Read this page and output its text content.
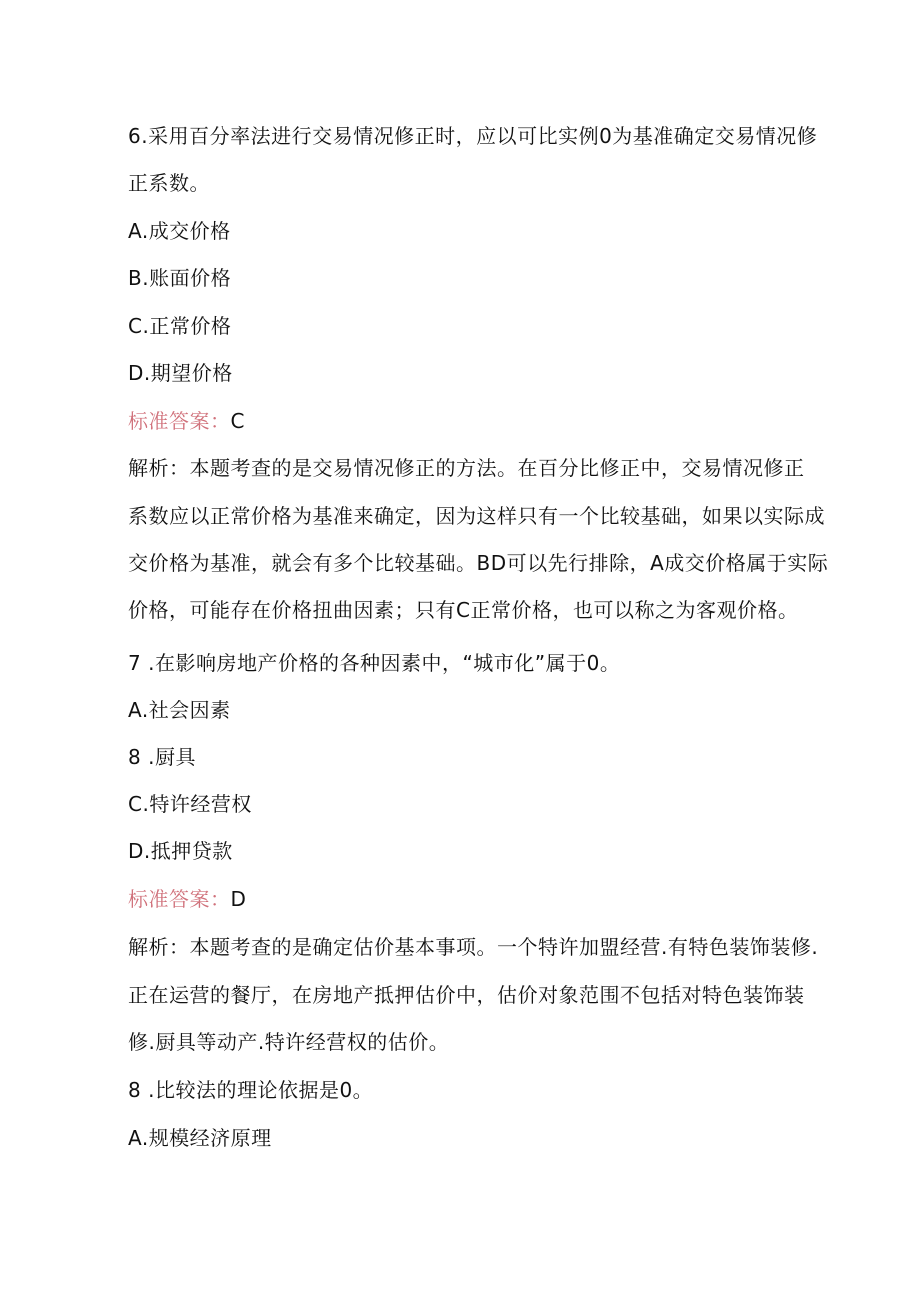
6.采用百分率法进行交易情况修正时，应以可比实例0为基准确定交易情况修
正系数。
A.成交价格
B.账面价格
C.正常价格
D.期望价格
标准答案：C
解析：本题考查的是交易情况修正的方法。在百分比修正中，交易情况修正
系数应以正常价格为基准来确定，因为这样只有一个比较基础，如果以实际成
交价格为基准，就会有多个比较基础。BD可以先行排除，A成交价格属于实际
价格，可能存在价格扭曲因素；只有C正常价格，也可以称之为客观价格。
7 .在影响房地产价格的各种因素中，“城市化”属于0。
A.社会因素
8 .厨具
C.特许经营权
D.抵押贷款
标准答案：D
解析：本题考查的是确定估价基本事项。一个特许加盟经营.有特色装饰装修.
正在运营的餐厅，在房地产抵押估价中，估价对象范围不包括对特色装饰装
修.厨具等动产.特许经营权的估价。
8 .比较法的理论依据是0。
A.规模经济原理
